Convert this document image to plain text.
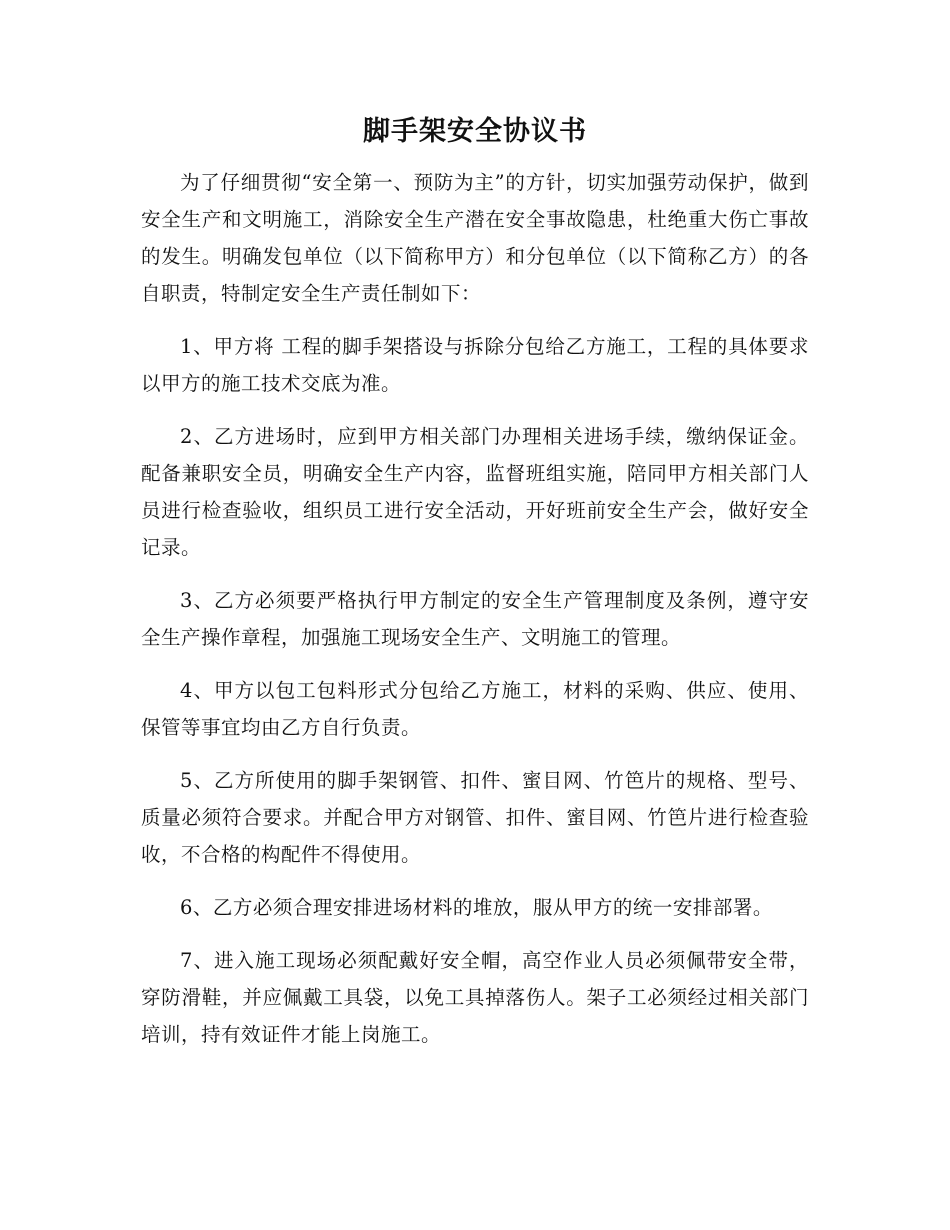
脚手架安全协议书

为了仔细贯彻“安全第一、预防为主”的方针，切实加强劳动保护，做到安全生产和文明施工，消除安全生产潜在安全事故隐患，杜绝重大伤亡事故的发生。明确发包单位（以下简称甲方）和分包单位（以下简称乙方）的各自职责，特制定安全生产责任制如下：

1、甲方将 工程的脚手架搭设与拆除分包给乙方施工，工程的具体要求以甲方的施工技术交底为准。

2、乙方进场时，应到甲方相关部门办理相关进场手续，缴纳保证金。配备兼职安全员，明确安全生产内容，监督班组实施，陪同甲方相关部门人员进行检查验收，组织员工进行安全活动，开好班前安全生产会，做好安全记录。

3、乙方必须要严格执行甲方制定的安全生产管理制度及条例，遵守安全生产操作章程，加强施工现场安全生产、文明施工的管理。

4、甲方以包工包料形式分包给乙方施工，材料的采购、供应、使用、保管等事宜均由乙方自行负责。

5、乙方所使用的脚手架钢管、扣件、蜜目网、竹笆片的规格、型号、质量必须符合要求。并配合甲方对钢管、扣件、蜜目网、竹笆片进行检查验收，不合格的构配件不得使用。

6、乙方必须合理安排进场材料的堆放，服从甲方的统一安排部署。

7、进入施工现场必须配戴好安全帽，高空作业人员必须佩带安全带，穿防滑鞋，并应佩戴工具袋，以免工具掉落伤人。架子工必须经过相关部门培训，持有效证件才能上岗施工。
